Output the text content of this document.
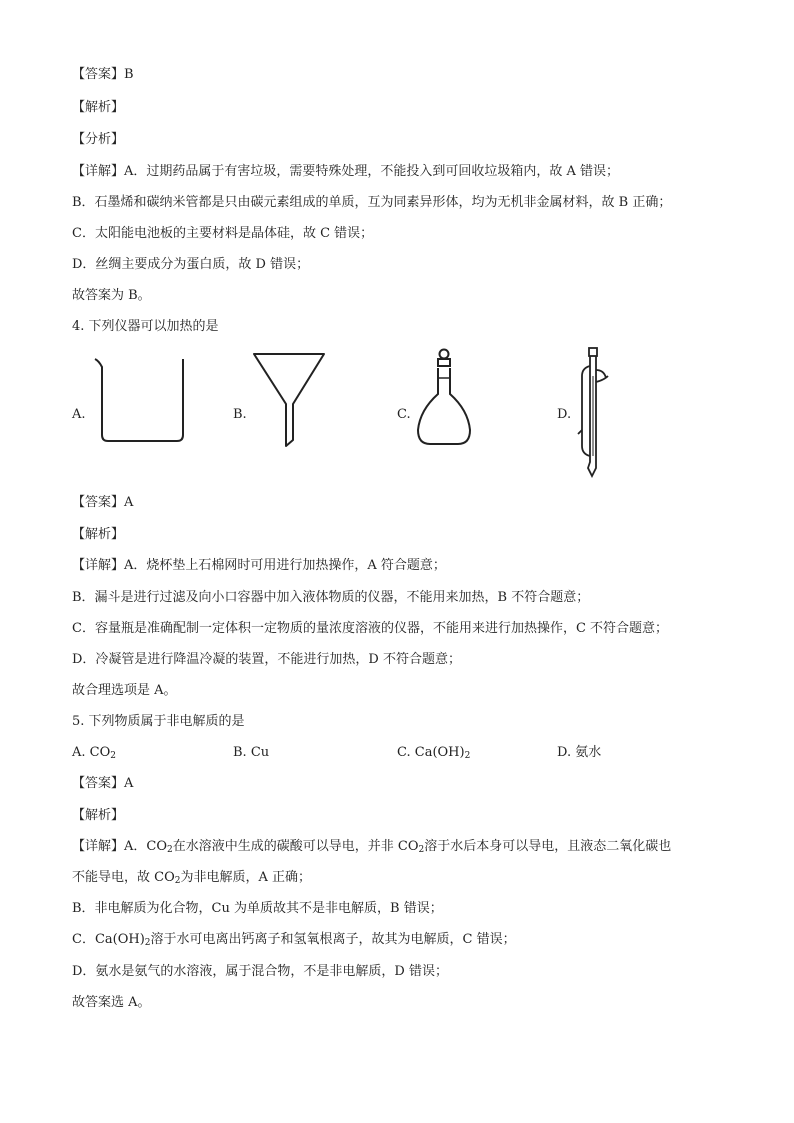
【答案】B
【解析】
【分析】
【详解】A．过期药品属于有害垃圾，需要特殊处理，不能投入到可回收垃圾箱内，故 A 错误；
B．石墨烯和碳纳米管都是只由碳元素组成的单质，互为同素异形体，均为无机非金属材料，故 B 正确；
C．太阳能电池板的主要材料是晶体硅，故 C 错误；
D．丝绸主要成分为蛋白质，故 D 错误；
故答案为 B。
4. 下列仪器可以加热的是
A.	B.	C.	D.
【答案】A
【解析】
【详解】A．烧杯垫上石棉网时可用进行加热操作，A 符合题意；
B．漏斗是进行过滤及向小口容器中加入液体物质的仪器，不能用来加热，B 不符合题意；
C．容量瓶是准确配制一定体积一定物质的量浓度溶液的仪器，不能用来进行加热操作，C 不符合题意；
D．冷凝管是进行降温冷凝的装置，不能进行加热，D 不符合题意；
故合理选项是 A。
5. 下列物质属于非电解质的是
A. $CO_2$	B. Cu	C. $Ca(OH)_2$	D. 氨水
【答案】A
【解析】
【详解】A．$CO_2$在水溶液中生成的碳酸可以导电，并非 $CO_2$溶于水后本身可以导电，且液态二氧化碳也
不能导电，故 $CO_2$为非电解质，A 正确；
B．非电解质为化合物，Cu 为单质故其不是非电解质，B 错误；
C．$Ca(OH)_2$溶于水可电离出钙离子和氢氧根离子，故其为电解质，C 错误；
D．氨水是氨气的水溶液，属于混合物，不是非电解质，D 错误；
故答案选 A。
